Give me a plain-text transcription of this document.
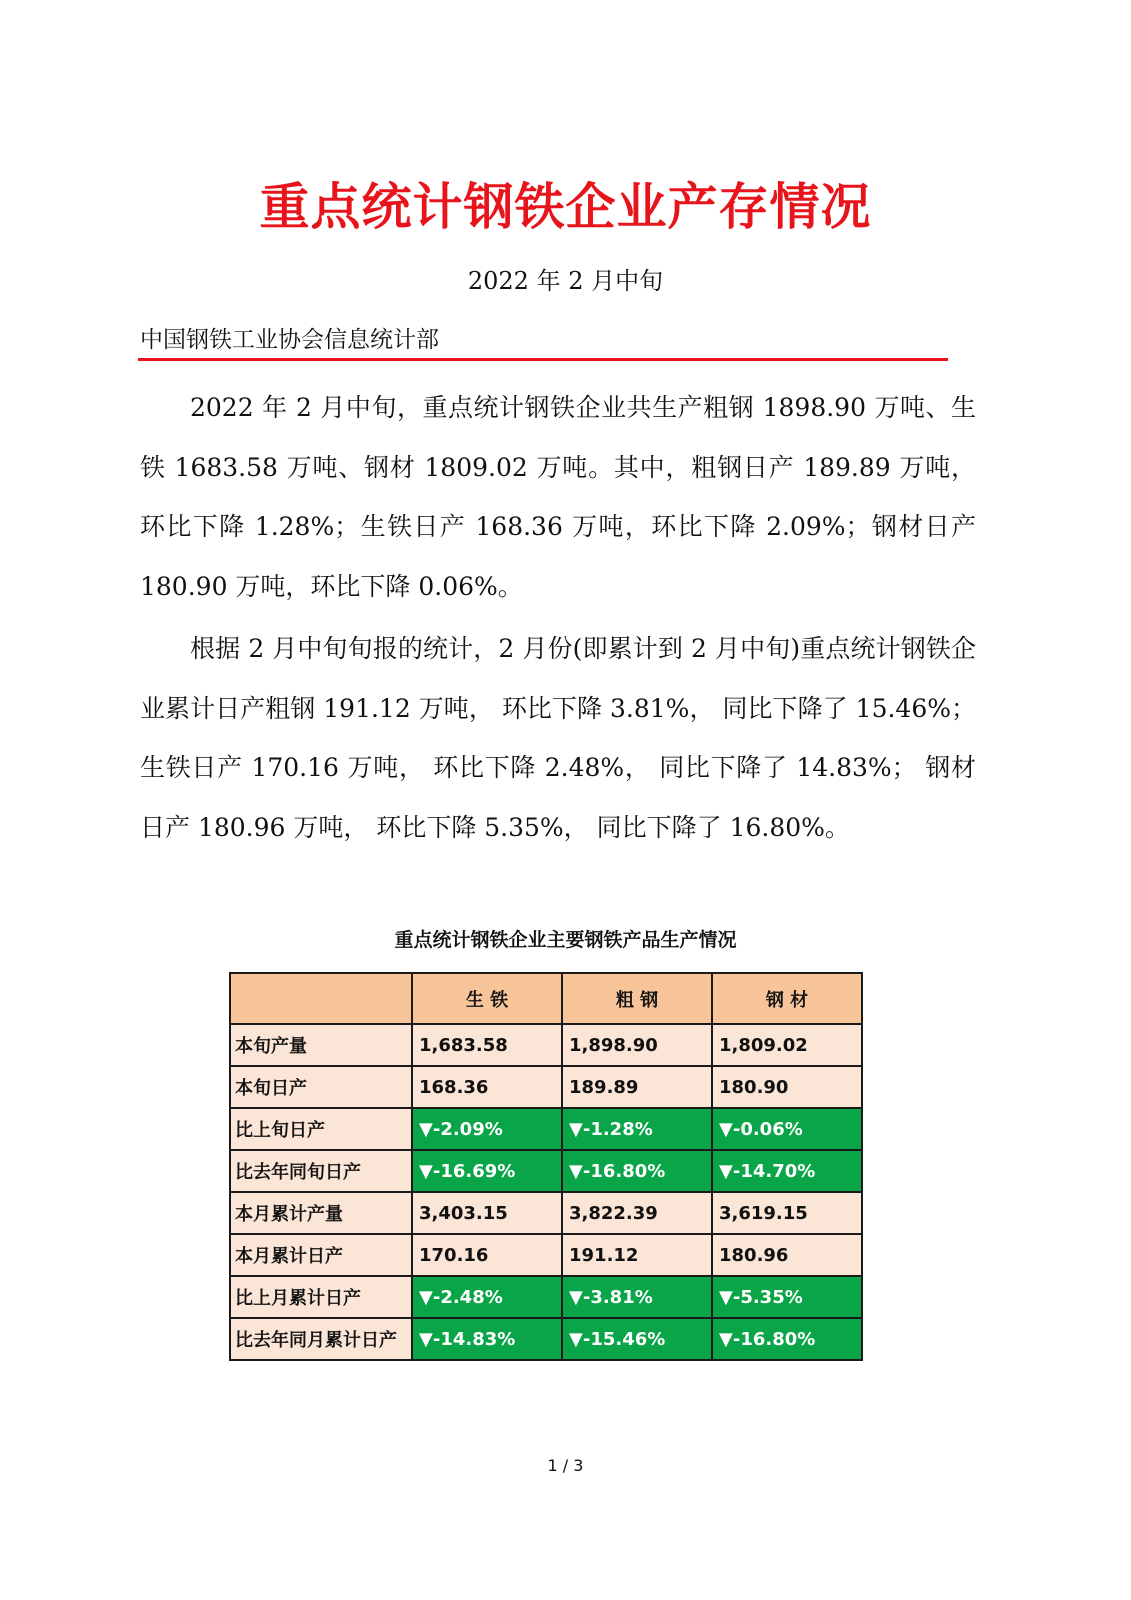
重点统计钢铁企业产存情况
2022 年 2 月中旬
中国钢铁工业协会信息统计部

2022 年 2 月中旬，重点统计钢铁企业共生产粗钢 1898.90 万吨、生铁 1683.58 万吨、钢材 1809.02 万吨。其中，粗钢日产 189.89 万吨，环比下降 1.28%；生铁日产 168.36 万吨，环比下降 2.09%；钢材日产 180.90 万吨，环比下降 0.06%。

根据 2 月中旬旬报的统计，2 月份(即累计到 2 月中旬)重点统计钢铁企业累计日产粗钢 191.12 万吨， 环比下降 3.81%， 同比下降了 15.46%； 生铁日产 170.16 万吨， 环比下降 2.48%， 同比下降了 14.83%； 钢材日产 180.96 万吨， 环比下降 5.35%， 同比下降了 16.80%。

重点统计钢铁企业主要钢铁产品生产情况
	生 铁	粗 钢	钢 材
本旬产量	1,683.58	1,898.90	1,809.02
本旬日产	168.36	189.89	180.90
比上旬日产	▼-2.09%	▼-1.28%	▼-0.06%
比去年同旬日产	▼-16.69%	▼-16.80%	▼-14.70%
本月累计产量	3,403.15	3,822.39	3,619.15
本月累计日产	170.16	191.12	180.96
比上月累计日产	▼-2.48%	▼-3.81%	▼-5.35%
比去年同月累计日产	▼-14.83%	▼-15.46%	▼-16.80%
1 / 3
